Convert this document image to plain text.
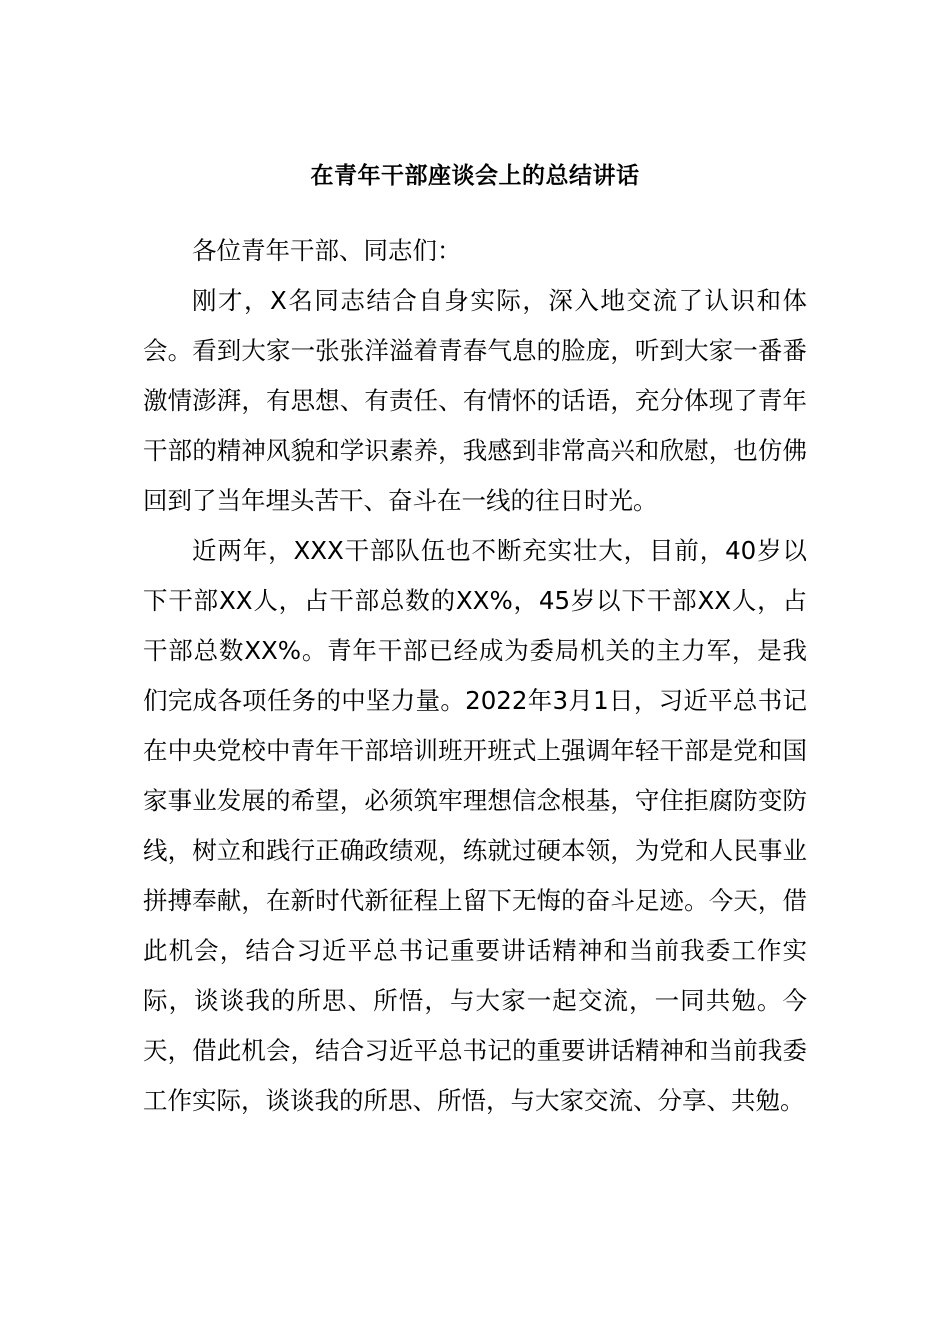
在青年干部座谈会上的总结讲话

各位青年干部、同志们：

刚才，X名同志结合自身实际，深入地交流了认识和体会。看到大家一张张洋溢着青春气息的脸庞，听到大家一番番激情澎湃，有思想、有责任、有情怀的话语，充分体现了青年干部的精神风貌和学识素养，我感到非常高兴和欣慰，也仿佛回到了当年埋头苦干、奋斗在一线的往日时光。

近两年，XXX干部队伍也不断充实壮大，目前，40岁以下干部XX人，占干部总数的XX%，45岁以下干部XX人，占干部总数XX%。青年干部已经成为委局机关的主力军，是我们完成各项任务的中坚力量。2022年3月1日，习近平总书记在中央党校中青年干部培训班开班式上强调年轻干部是党和国家事业发展的希望，必须筑牢理想信念根基，守住拒腐防变防线，树立和践行正确政绩观，练就过硬本领，为党和人民事业拼搏奉献，在新时代新征程上留下无悔的奋斗足迹。今天，借此机会，结合习近平总书记重要讲话精神和当前我委工作实际，谈谈我的所思、所悟，与大家一起交流，一同共勉。今天，借此机会，结合习近平总书记的重要讲话精神和当前我委工作实际，谈谈我的所思、所悟，与大家交流、分享、共勉。
